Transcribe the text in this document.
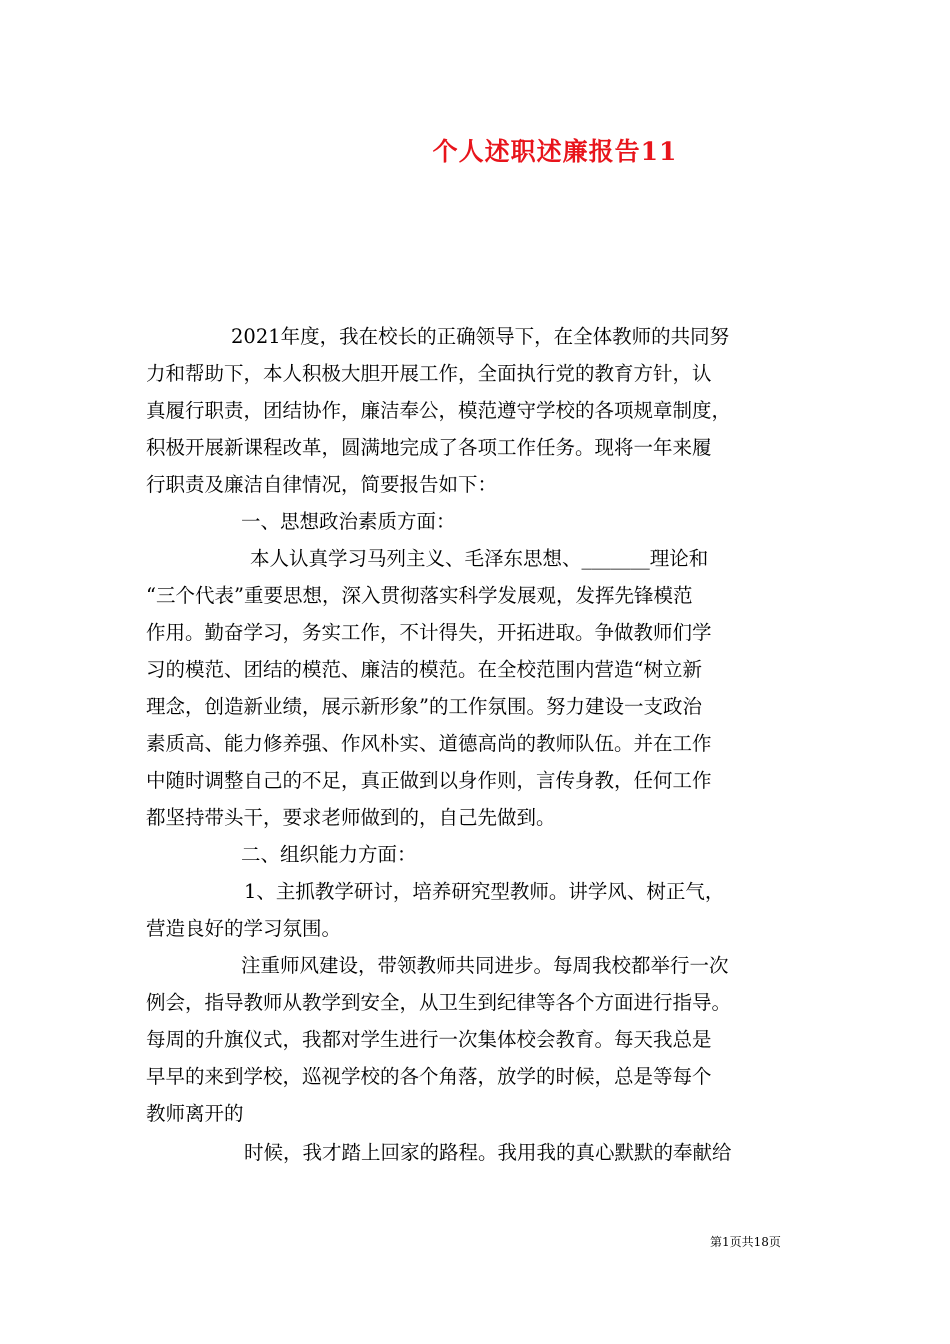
个人述职述廉报告11
2021年度，我在校长的正确领导下，在全体教师的共同努
力和帮助下，本人积极大胆开展工作，全面执行党的教育方针，认
真履行职责，团结协作，廉洁奉公，模范遵守学校的各项规章制度，
积极开展新课程改革，圆满地完成了各项工作任务。现将一年来履
行职责及廉洁自律情况，简要报告如下：
一、思想政治素质方面：
本人认真学习马列主义、毛泽东思想、_______理论和
“三个代表”重要思想，深入贯彻落实科学发展观，发挥先锋模范
作用。勤奋学习，务实工作，不计得失，开拓进取。争做教师们学
习的模范、团结的模范、廉洁的模范。在全校范围内营造“树立新
理念，创造新业绩，展示新形象”的工作氛围。努力建设一支政治
素质高、能力修养强、作风朴实、道德高尚的教师队伍。并在工作
中随时调整自己的不足，真正做到以身作则，言传身教，任何工作
都坚持带头干，要求老师做到的，自己先做到。
二、组织能力方面：
1、主抓教学研讨，培养研究型教师。讲学风、树正气，
营造良好的学习氛围。
注重师风建设，带领教师共同进步。每周我校都举行一次
例会，指导教师从教学到安全，从卫生到纪律等各个方面进行指导。
每周的升旗仪式，我都对学生进行一次集体校会教育。每天我总是
早早的来到学校，巡视学校的各个角落，放学的时候，总是等每个
教师离开的
时候，我才踏上回家的路程。我用我的真心默默的奉献给
第1页共18页
